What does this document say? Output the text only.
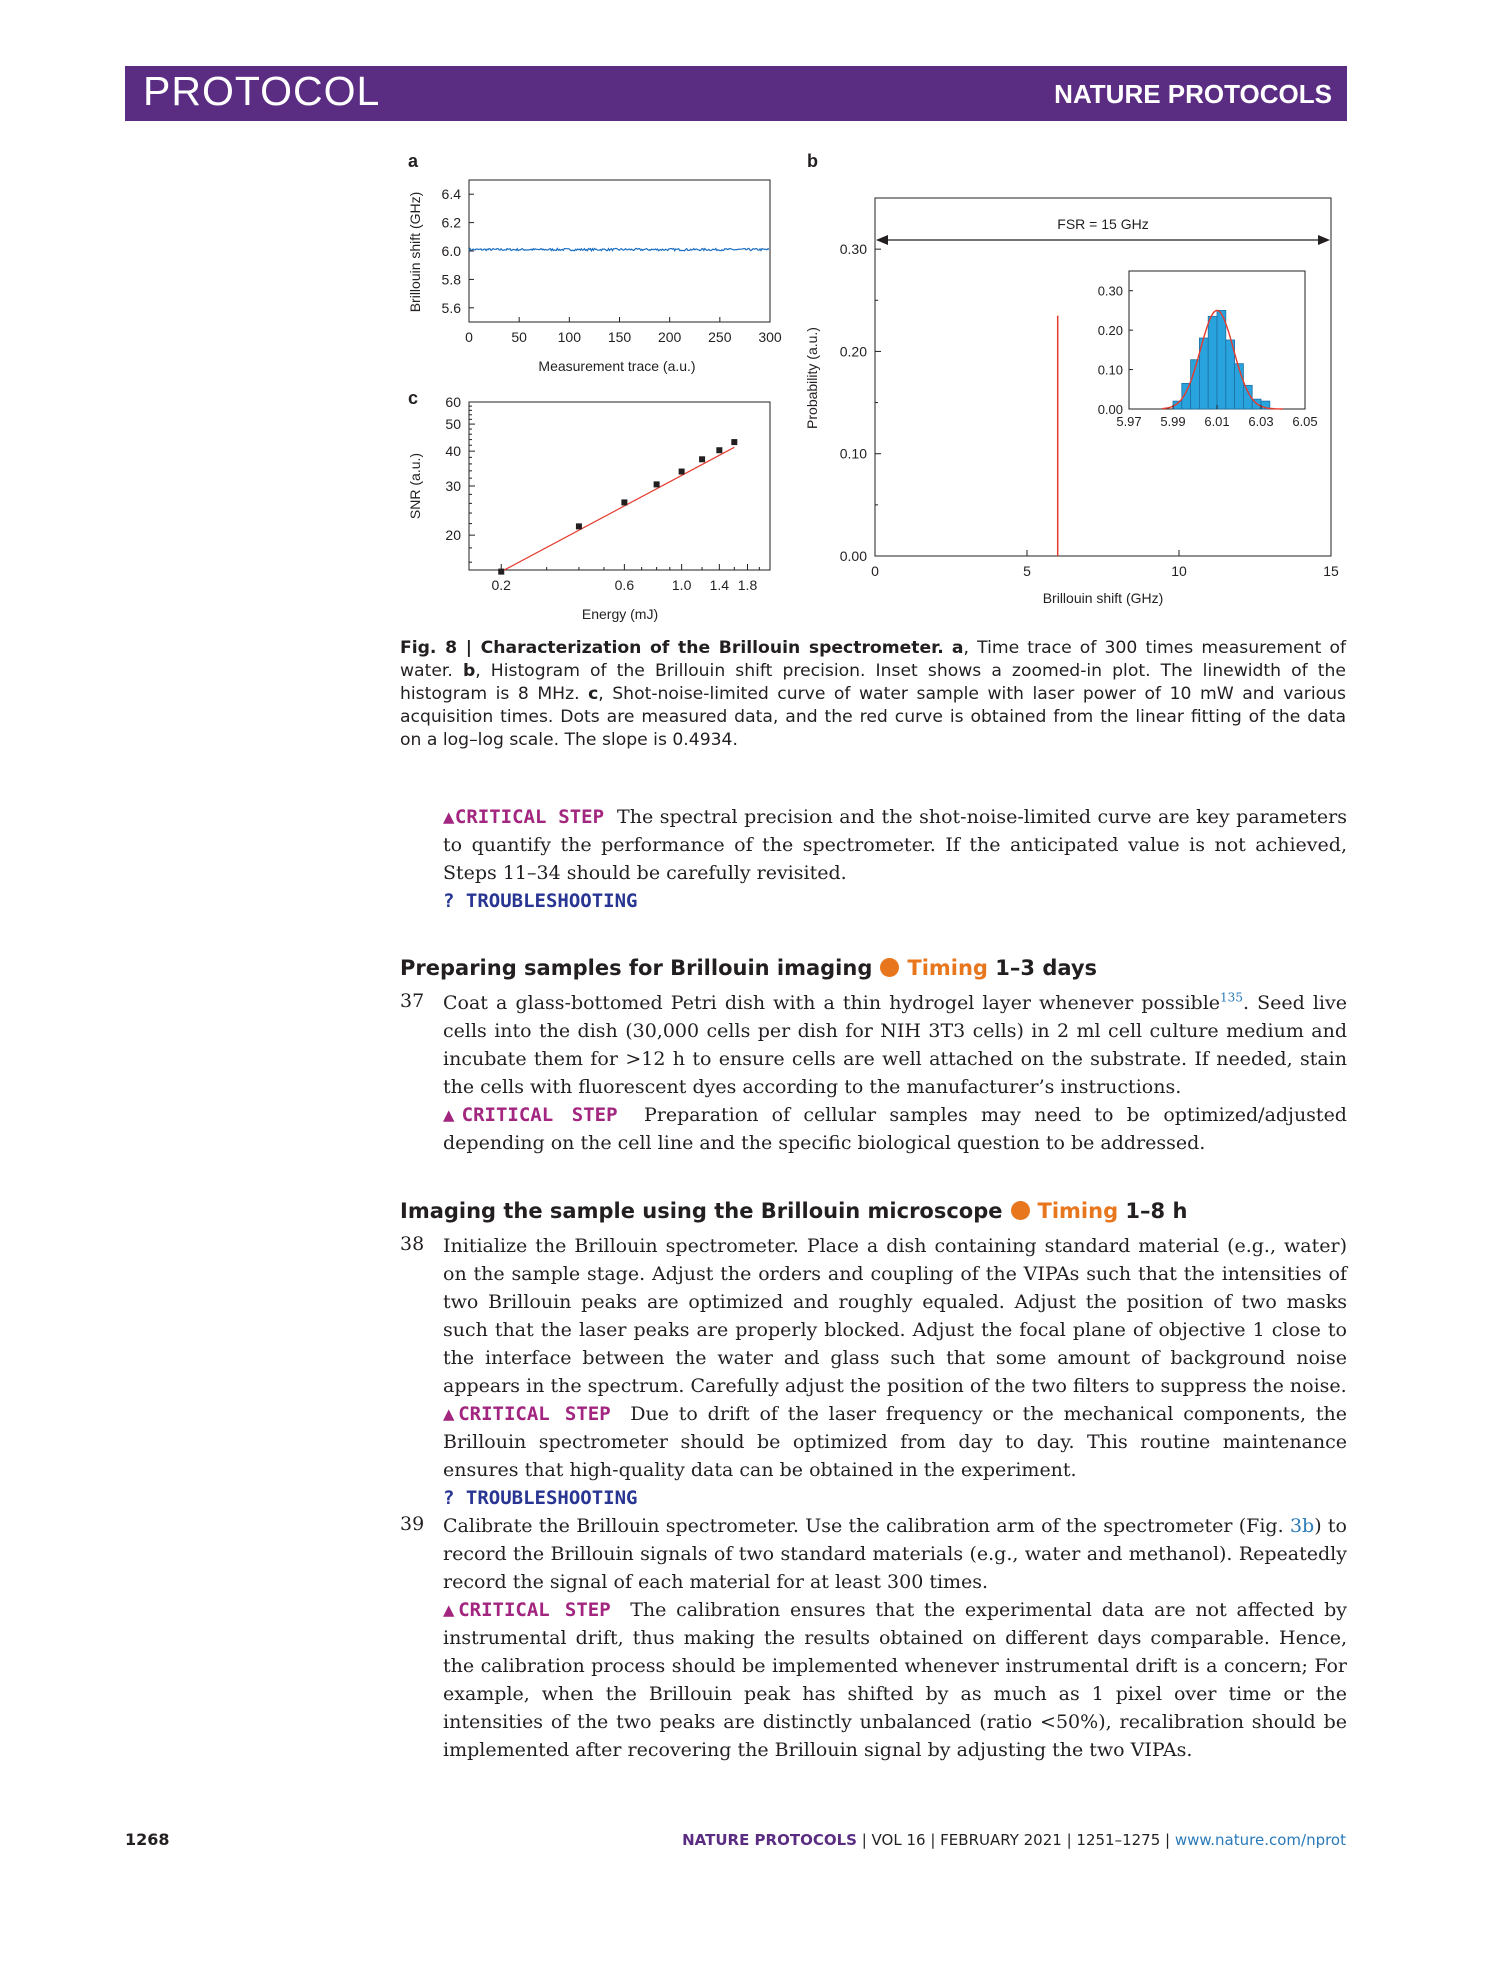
PROTOCOL	NATURE PROTOCOLS
a	b
c
0	50 100 150 200 250 300
5.6
5.8
6.0
6.2
6.4
Measurement trace (a.u.)
Brillouin shift (GHz)
0.2	0.6	1.0 1.4 1.8
20
30
40
50
60
Energy (mJ)
SNR (a.u.)
0	5	10	15
0.00
0.10
0.20
0.30
FSR = 15 GHz
Brillouin shift (GHz)
Probability (a.u.)	5.97 5.99 6.01 6.03 6.05
0.00
0.10
0.20
0.30
Fig. 8 | Characterization of the Brillouin spectrometer. a, Time trace of 300 times measurement of water. b, Histogram of the Brillouin shift precision. Inset shows a zoomed-in plot. The linewidth of the histogram is 8 MHz. c, Shot-noise-limited curve of water sample with laser power of 10 mW and various acquisition times. Dots are measured data, and the red curve is obtained from the linear fitting of the data on a log–log scale. The slope is 0.4934.
▲CRITICAL STEP The spectral precision and the shot-noise-limited curve are key parameters to quantify the performance of the spectrometer. If the anticipated value is not achieved, Steps 11–34 should be carefully revisited.
? TROUBLESHOOTING
Preparing samples for Brillouin imaging Timing 1–3 days
37 Coat a glass-bottomed Petri dish with a thin hydrogel layer whenever possible$^{135}$. Seed live cells into the dish (30,000 cells per dish for NIH 3T3 cells) in 2 ml cell culture medium and incubate them for >12 h to ensure cells are well attached on the substrate. If needed, stain the cells with fluorescent dyes according to the manufacturer’s instructions.
▲CRITICAL STEP Preparation of cellular samples may need to be optimized/adjusted depending on the cell line and the specific biological question to be addressed.
Imaging the sample using the Brillouin microscope Timing 1–8 h
38 Initialize the Brillouin spectrometer. Place a dish containing standard material (e.g., water) on the sample stage. Adjust the orders and coupling of the VIPAs such that the intensities of two Brillouin peaks are optimized and roughly equaled. Adjust the position of two masks such that the laser peaks are properly blocked. Adjust the focal plane of objective 1 close to the interface between the water and glass such that some amount of background noise appears in the spectrum. Carefully adjust the position of the two filters to suppress the noise.
▲CRITICAL STEP Due to drift of the laser frequency or the mechanical components, the Brillouin spectrometer should be optimized from day to day. This routine maintenance ensures that high-quality data can be obtained in the experiment.
? TROUBLESHOOTING
39 Calibrate the Brillouin spectrometer. Use the calibration arm of the spectrometer (Fig. 3b) to record the Brillouin signals of two standard materials (e.g., water and methanol). Repeatedly record the signal of each material for at least 300 times.
▲CRITICAL STEP The calibration ensures that the experimental data are not affected by instrumental drift, thus making the results obtained on different days comparable. Hence, the calibration process should be implemented whenever instrumental drift is a concern; For example, when the Brillouin peak has shifted by as much as 1 pixel over time or the intensities of the two peaks are distinctly unbalanced (ratio <50%), recalibration should be implemented after recovering the Brillouin signal by adjusting the two VIPAs.
1268	NATURE PROTOCOLS | VOL 16 | FEBRUARY 2021 | 1251–1275 | www.nature.com/nprot
